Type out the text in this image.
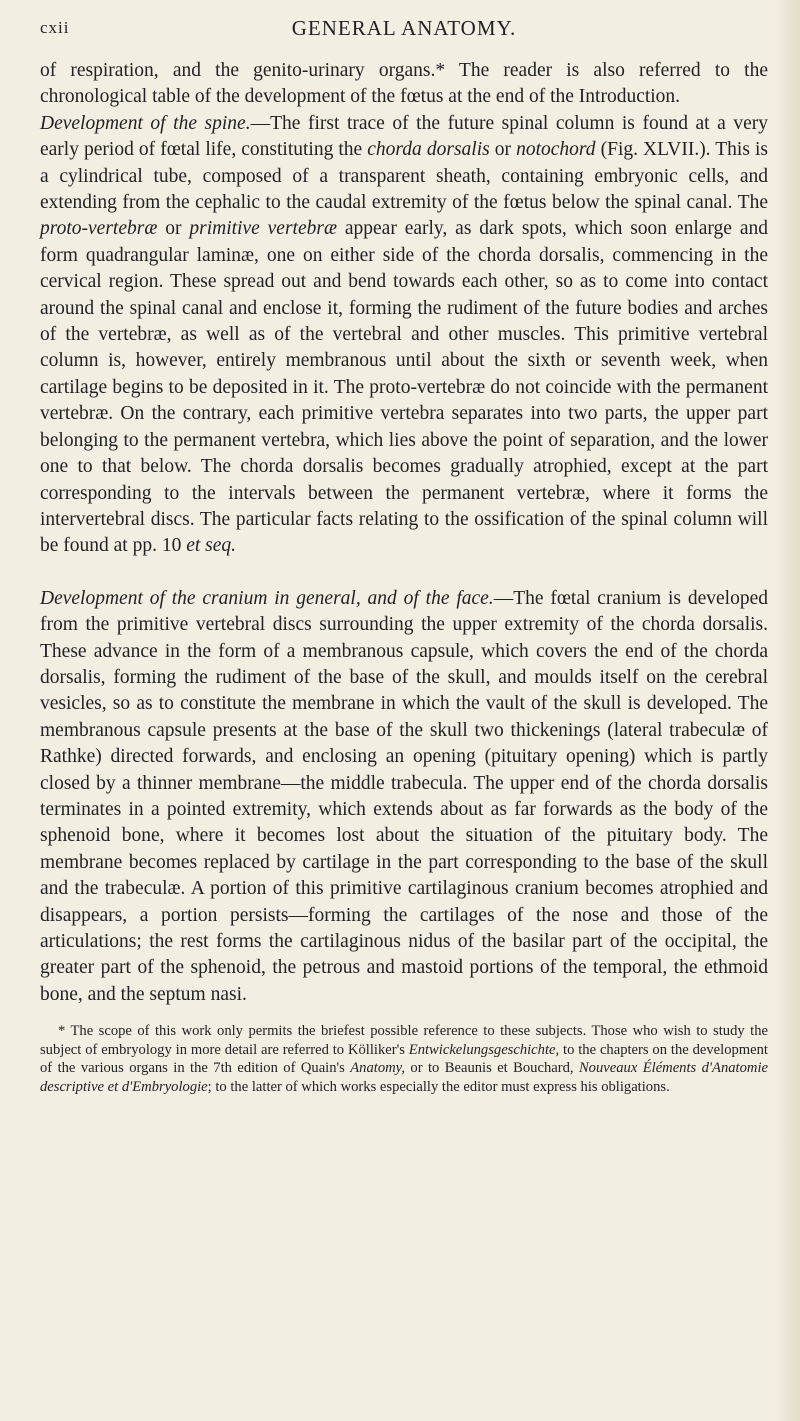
cxii	GENERAL ANATOMY.

of respiration, and the genito-urinary organs.* The reader is also referred to the chronological table of the development of the fœtus at the end of the Introduction.

Development of the spine.—The first trace of the future spinal column is found at a very early period of fœtal life, constituting the chorda dorsalis or notochord (Fig. XLVII.). This is a cylindrical tube, composed of a transparent sheath, containing embryonic cells, and extending from the cephalic to the caudal extremity of the fœtus below the spinal canal. The proto-vertebræ or primitive vertebræ appear early, as dark spots, which soon enlarge and form quadrangular laminæ, one on either side of the chorda dorsalis, commencing in the cervical region. These spread out and bend towards each other, so as to come into contact around the spinal canal and enclose it, forming the rudiment of the future bodies and arches of the vertebræ, as well as of the vertebral and other muscles. This primitive vertebral column is, however, entirely membranous until about the sixth or seventh week, when cartilage begins to be deposited in it. The proto-vertebræ do not coincide with the permanent vertebræ. On the contrary, each primitive vertebra separates into two parts, the upper part belonging to the permanent vertebra, which lies above the point of separation, and the lower one to that below. The chorda dorsalis becomes gradually atrophied, except at the part corresponding to the intervals between the permanent vertebræ, where it forms the intervertebral discs. The particular facts relating to the ossification of the spinal column will be found at pp. 10 et seq.

Development of the cranium in general, and of the face.—The fœtal cranium is developed from the primitive vertebral discs surrounding the upper extremity of the chorda dorsalis. These advance in the form of a membranous capsule, which covers the end of the chorda dorsalis, forming the rudiment of the base of the skull, and moulds itself on the cerebral vesicles, so as to constitute the membrane in which the vault of the skull is developed. The membranous capsule presents at the base of the skull two thickenings (lateral trabeculæ of Rathke) directed forwards, and enclosing an opening (pituitary opening) which is partly closed by a thinner membrane—the middle trabecula. The upper end of the chorda dorsalis terminates in a pointed extremity, which extends about as far forwards as the body of the sphenoid bone, where it becomes lost about the situation of the pituitary body. The membrane becomes replaced by cartilage in the part corresponding to the base of the skull and the trabeculæ. A portion of this primitive cartilaginous cranium becomes atrophied and disappears, a portion persists—forming the cartilages of the nose and those of the articulations; the rest forms the cartilaginous nidus of the basilar part of the occipital, the greater part of the sphenoid, the petrous and mastoid portions of the temporal, the ethmoid bone, and the septum nasi.

* The scope of this work only permits the briefest possible reference to these subjects. Those who wish to study the subject of embryology in more detail are referred to Kölliker's Entwickelungsgeschichte, to the chapters on the development of the various organs in the 7th edition of Quain's Anatomy, or to Beaunis et Bouchard, Nouveaux Éléments d'Anatomie descriptive et d'Embryologie; to the latter of which works especially the editor must express his obligations.
